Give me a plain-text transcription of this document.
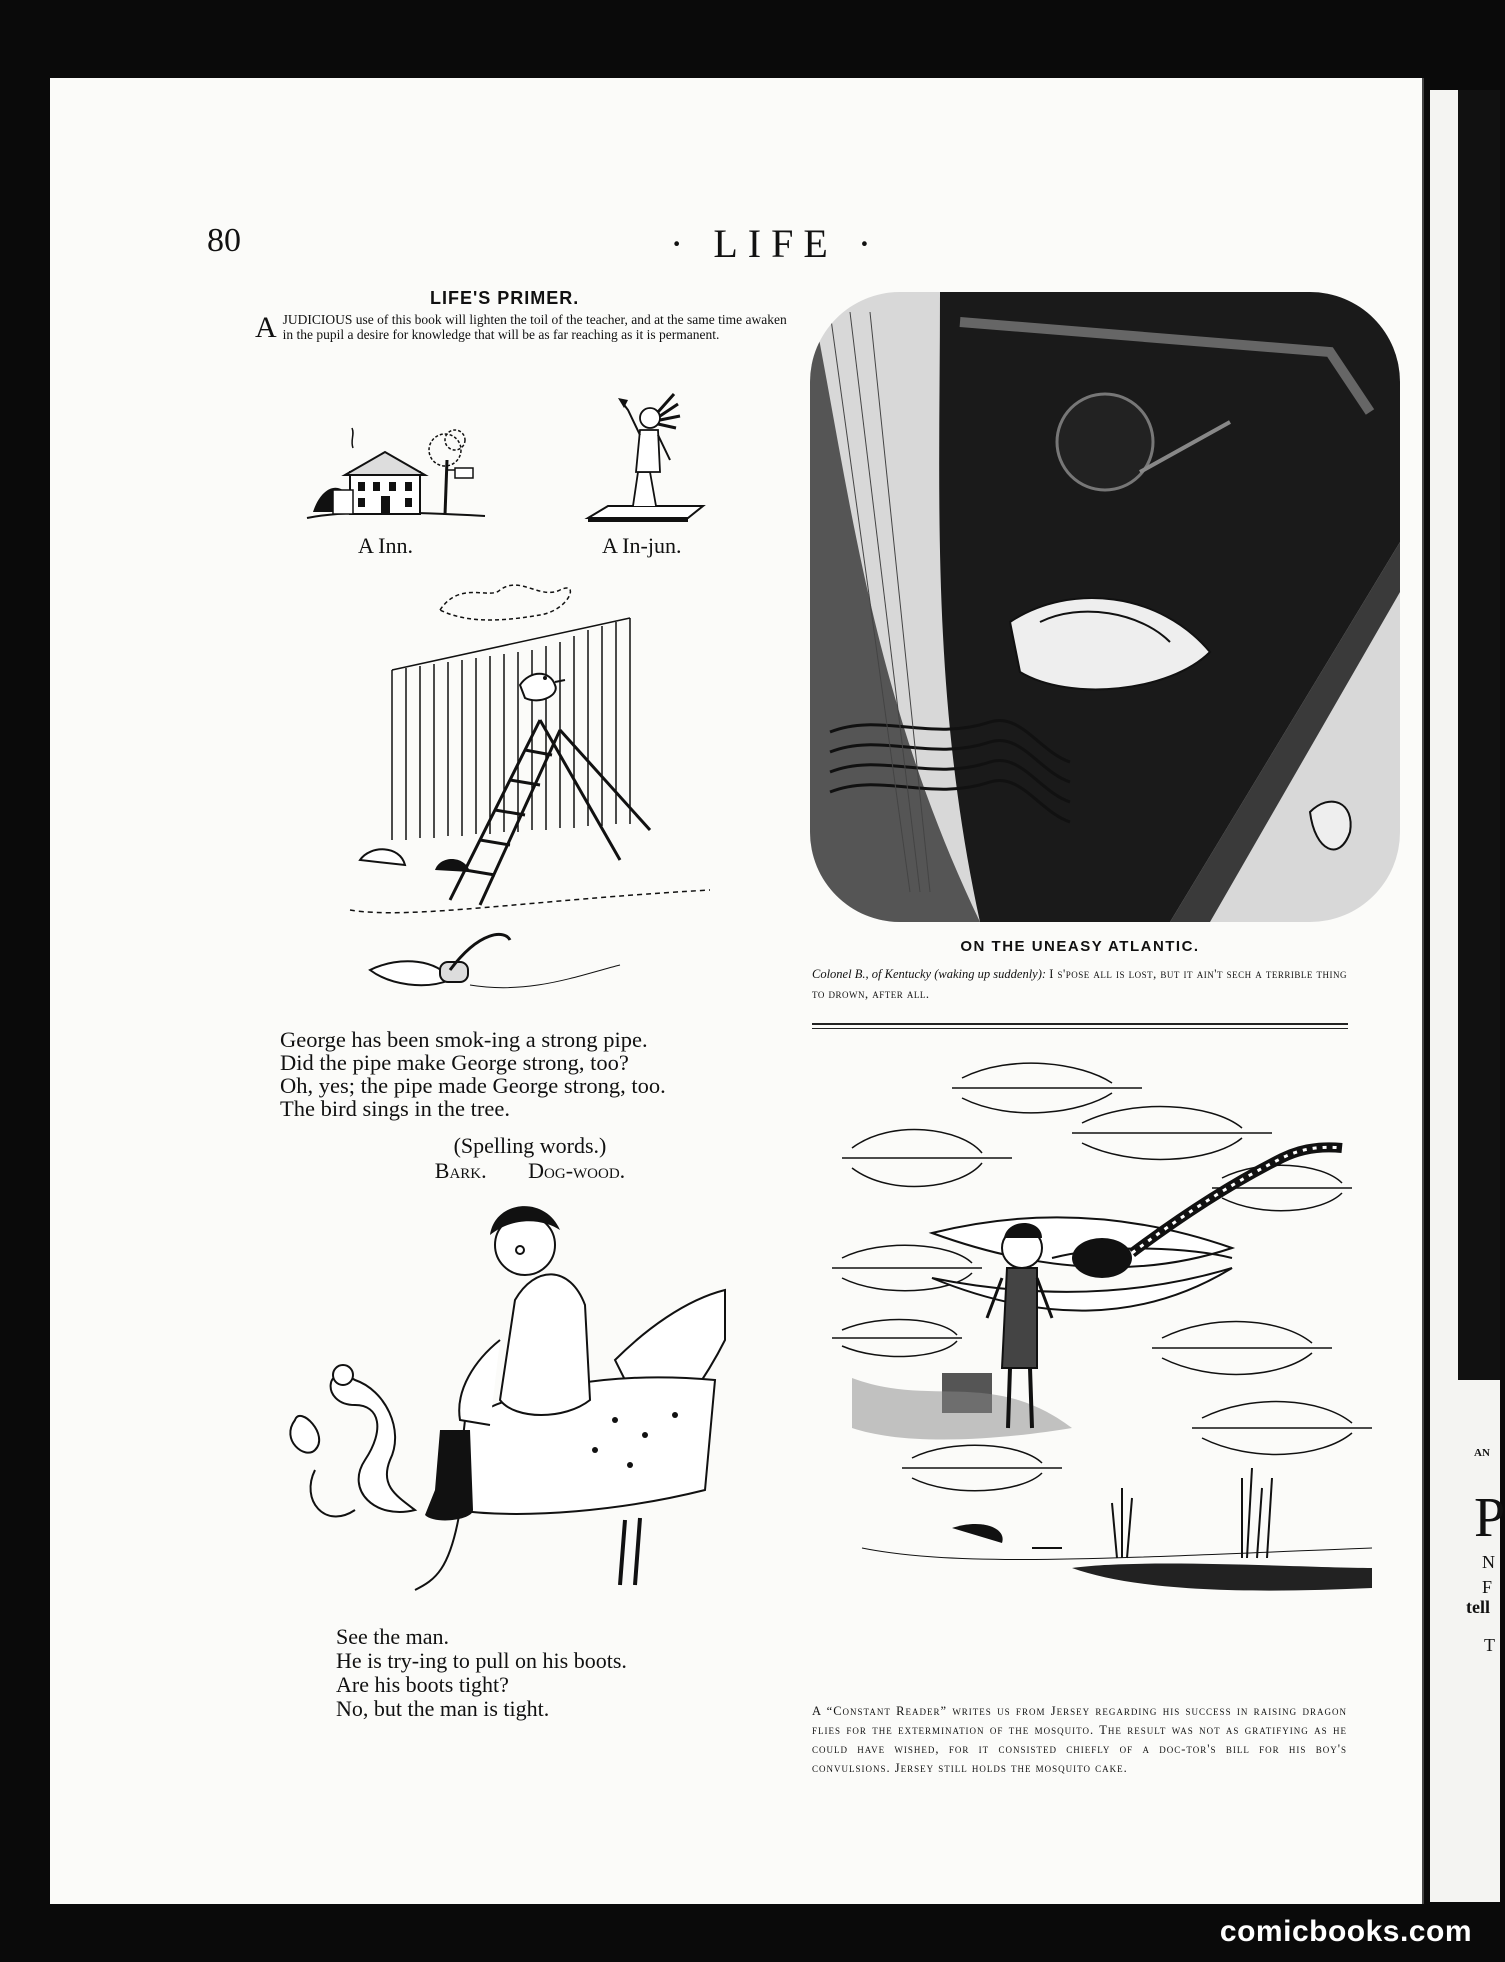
AN
P
N
F
tell
T
80	· LIFE ·
LIFE'S PRIMER.
A JUDICIOUS use of this book will lighten the toil of the teacher, and at the same time awaken in the pupil a desire for knowledge that will be as far reaching as it is permanent.
A Inn.	A In-jun.
George has been smok-ing a strong pipe.
Did the pipe make George strong, too?
Oh, yes; the pipe made George strong, too.
The bird sings in the tree.
(Spelling words.)
Bark. Dog-wood.
See the man.
He is try-ing to pull on his boots.
Are his boots tight?
No, but the man is tight.
ON THE UNEASY ATLANTIC.
Colonel B., of Kentucky (waking up suddenly): I s'pose all is lost, but it ain't sech a terrible thing to drown, after all.
A “Constant Reader” writes us from Jersey regarding his success in raising dragon flies for the extermination of the mosquito. The result was not as gratifying as he could have wished, for it consisted chiefly of a doc-tor's bill for his boy's convulsions. Jersey still holds the mosquito cake.
comicbooks.com
